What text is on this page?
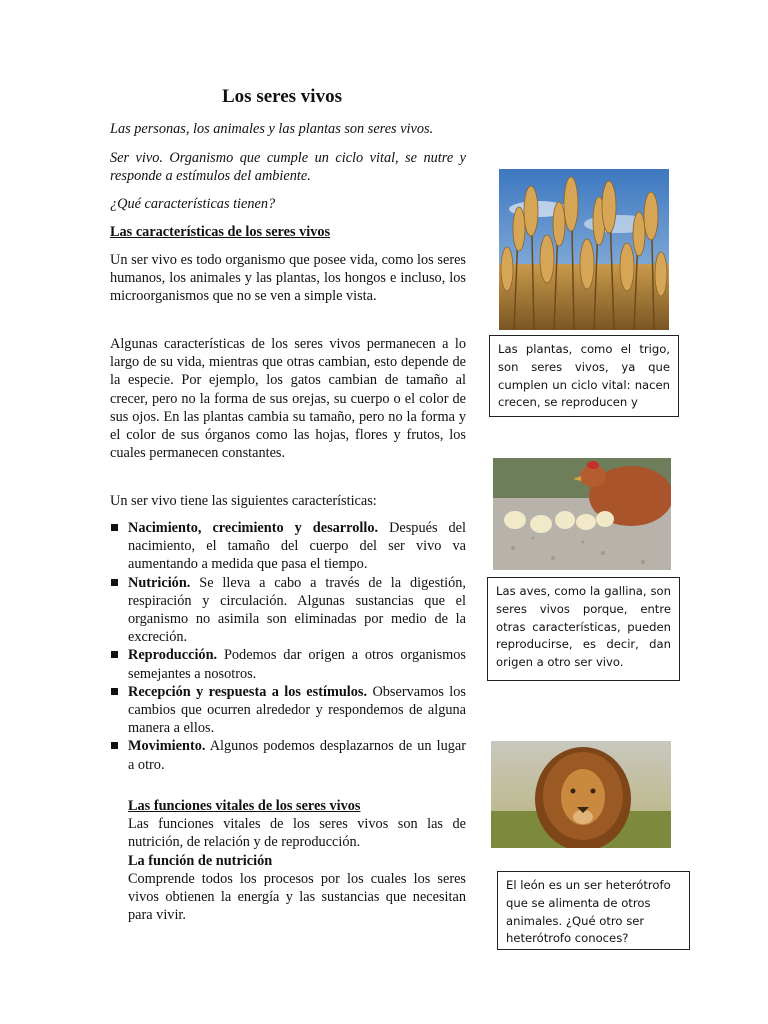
Los seres vivos

Las personas, los animales y las plantas son seres vivos.

Ser vivo. Organismo que cumple un ciclo vital, se nutre y responde a estímulos del ambiente.

¿Qué características tienen?

Las características de los seres vivos

Un ser vivo es todo organismo que posee vida, como los seres humanos, los animales y las plantas, los hongos e incluso, los microorganismos que no se ven a simple vista.

Algunas características de los seres vivos permanecen a lo largo de su vida, mientras que otras cambian, esto depende de la especie. Por ejemplo, los gatos cambian de tamaño al crecer, pero no la forma de sus orejas, su cuerpo o el color de sus ojos. En las plantas cambia su tamaño, pero no la forma y el color de sus órganos como las hojas, flores y frutos, los cuales permanecen constantes.

Un ser vivo tiene las siguientes características:

Nacimiento, crecimiento y desarrollo. Después del nacimiento, el tamaño del cuerpo del ser vivo va aumentando a medida que pasa el tiempo.
Nutrición. Se lleva a cabo a través de la digestión, respiración y circulación. Algunas sustancias que el organismo no asimila son eliminadas por medio de la excreción.
Reproducción. Podemos dar origen a otros organismos semejantes a nosotros.
Recepción y respuesta a los estímulos. Observamos los cambios que ocurren alrededor y respondemos de alguna manera a ellos.
Movimiento. Algunos podemos desplazarnos de un lugar a otro.

Las funciones vitales de los seres vivos

Las funciones vitales de los seres vivos son las de nutrición, de relación y de reproducción.

La función de nutrición

Comprende todos los procesos por los cuales los seres vivos obtienen la energía y las sustancias que necesitan para vivir.

Las plantas, como el trigo, son seres vivos, ya que cumplen un ciclo vital: nacen crecen, se reproducen y
Las aves, como la gallina, son seres vivos porque, entre otras características, pueden reproducirse, es decir, dan origen a otro ser vivo.
El león es un ser heterótrofo que se alimenta de otros animales. ¿Qué otro ser heterótrofo conoces?
